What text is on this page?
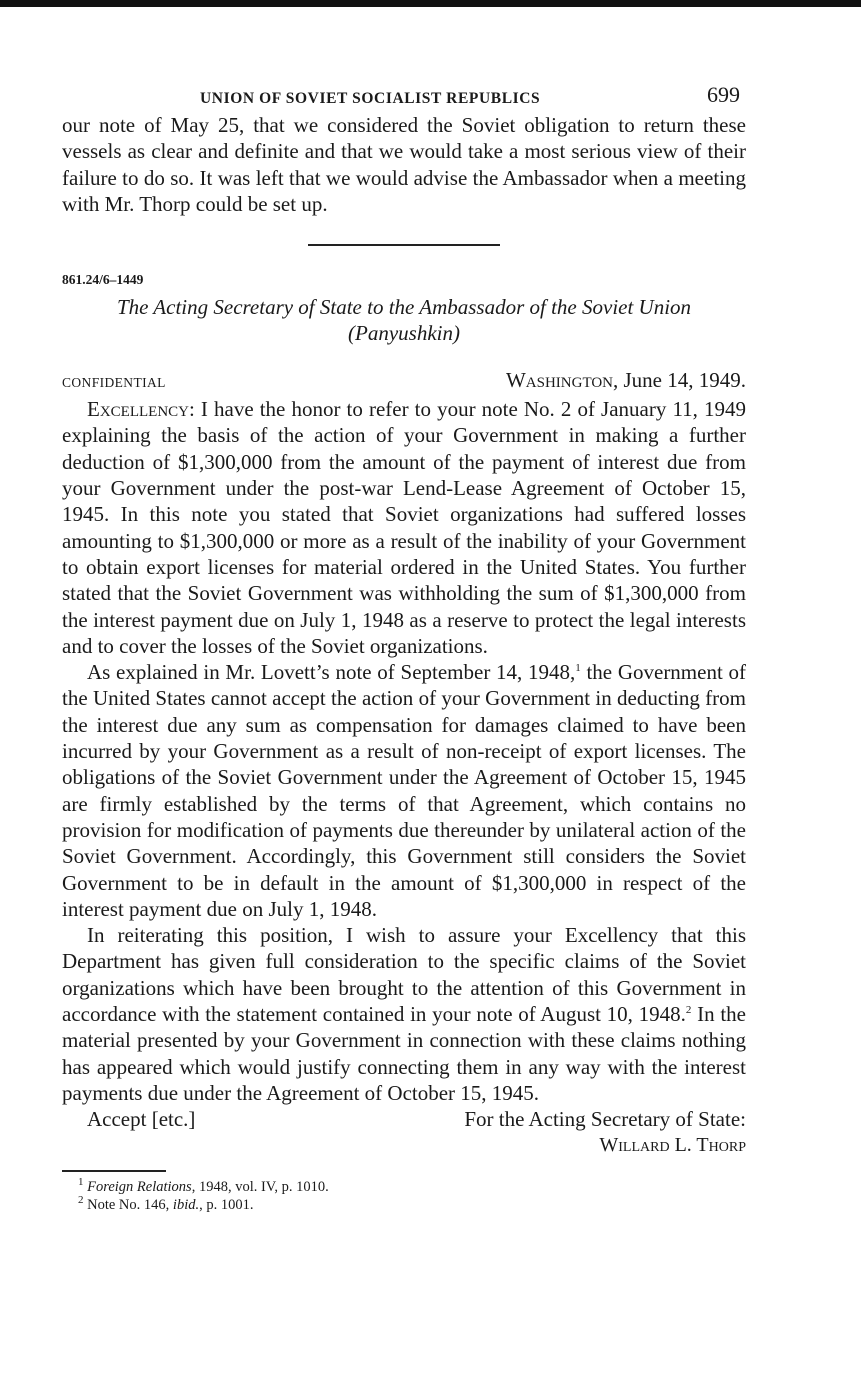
UNION OF SOVIET SOCIALIST REPUBLICS	699

our note of May 25, that we considered the Soviet obligation to return these vessels as clear and definite and that we would take a most serious view of their failure to do so. It was left that we would advise the Ambassador when a meeting with Mr. Thorp could be set up.

861.24/6–1449
The Acting Secretary of State to the Ambassador of the Soviet Union
(Panyushkin)
CONFIDENTIAL	Washington, June 14, 1949.

Excellency: I have the honor to refer to your note No. 2 of January 11, 1949 explaining the basis of the action of your Government in making a further deduction of $1,300,000 from the amount of the payment of interest due from your Government under the post-war Lend-Lease Agreement of October 15, 1945. In this note you stated that Soviet organizations had suffered losses amounting to $1,300,000 or more as a result of the inability of your Government to obtain export licenses for material ordered in the United States. You further stated that the Soviet Government was withholding the sum of $1,300,000 from the interest payment due on July 1, 1948 as a reserve to protect the legal interests and to cover the losses of the Soviet organizations.

As explained in Mr. Lovett’s note of September 14, 1948,$^1$ the Government of the United States cannot accept the action of your Government in deducting from the interest due any sum as compensation for damages claimed to have been incurred by your Government as a result of non-receipt of export licenses. The obligations of the Soviet Government under the Agreement of October 15, 1945 are firmly established by the terms of that Agreement, which contains no provision for modification of payments due thereunder by unilateral action of the Soviet Government. Accordingly, this Government still considers the Soviet Government to be in default in the amount of $1,300,000 in respect of the interest payment due on July 1, 1948.

In reiterating this position, I wish to assure your Excellency that this Department has given full consideration to the specific claims of the Soviet organizations which have been brought to the attention of this Government in accordance with the statement contained in your note of August 10, 1948.$^2$ In the material presented by your Government in connection with these claims nothing has appeared which would justify connecting them in any way with the interest payments due under the Agreement of October 15, 1945.

Accept [etc.]	For the Acting Secretary of State:
Willard L. Thorp
$^1$ Foreign Relations, 1948, vol. IV, p. 1010.
$^2$ Note No. 146, ibid., p. 1001.
